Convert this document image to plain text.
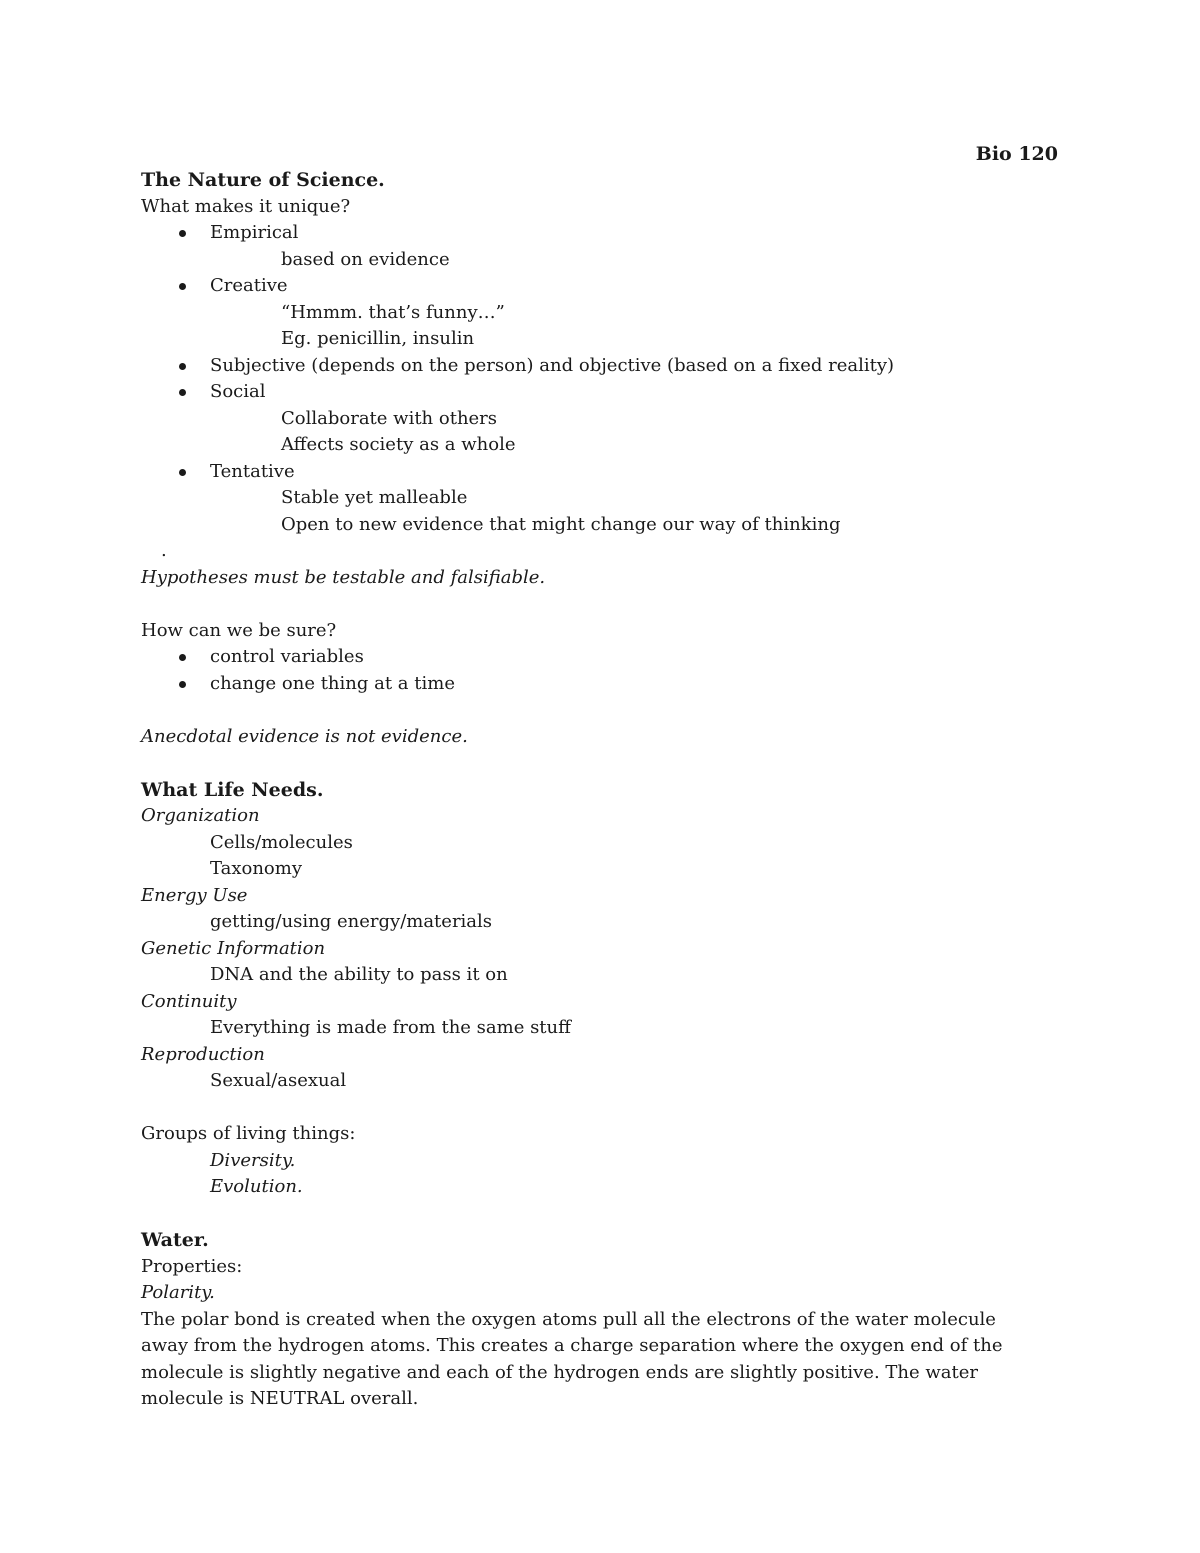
Bio 120
The Nature of Science.
What makes it unique?
Empirical
based on evidence
Creative
“Hmmm. that’s funny…”
Eg. penicillin, insulin
Subjective (depends on the person) and objective (based on a fixed reality)
Social
Collaborate with others
Affects society as a whole
Tentative
Stable yet malleable
Open to new evidence that might change our way of thinking
.
Hypotheses must be testable and falsifiable.
How can we be sure?
control variables
change one thing at a time
Anecdotal evidence is not evidence.
What Life Needs.
Organization
Cells/molecules
Taxonomy
Energy Use
getting/using energy/materials
Genetic Information
DNA and the ability to pass it on
Continuity
Everything is made from the same stuff
Reproduction
Sexual/asexual
Groups of living things:
Diversity.
Evolution.
Water.
Properties:
Polarity.
The polar bond is created when the oxygen atoms pull all the electrons of the water molecule away from the hydrogen atoms. This creates a charge separation where the oxygen end of the molecule is slightly negative and each of the hydrogen ends are slightly positive. The water molecule is NEUTRAL overall.
